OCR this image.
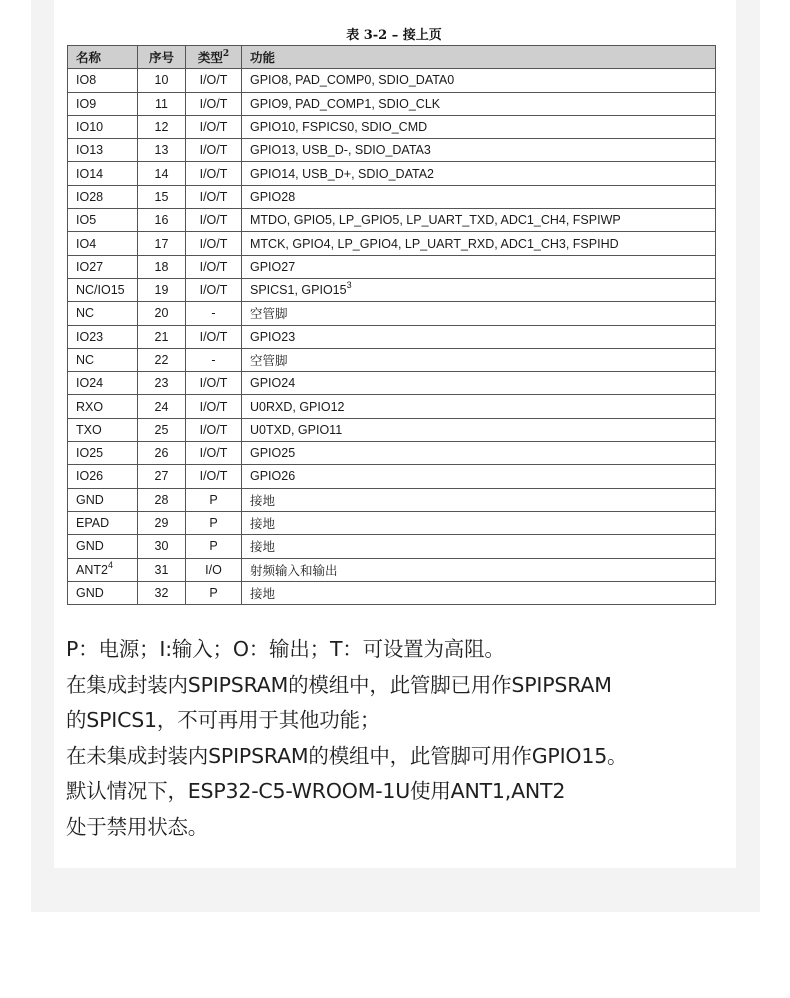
表 3-2 – 接上页
名称	序号	类型$^2$	功能
IO8	10	I/O/T	GPIO8, PAD_COMP0, SDIO_DATA0
IO9	11	I/O/T	GPIO9, PAD_COMP1, SDIO_CLK
IO10	12	I/O/T	GPIO10, FSPICS0, SDIO_CMD
IO13	13	I/O/T	GPIO13, USB_D-, SDIO_DATA3
IO14	14	I/O/T	GPIO14, USB_D+, SDIO_DATA2
IO28	15	I/O/T	GPIO28
IO5	16	I/O/T	MTDO, GPIO5, LP_GPIO5, LP_UART_TXD, ADC1_CH4, FSPIWP
IO4	17	I/O/T	MTCK, GPIO4, LP_GPIO4, LP_UART_RXD, ADC1_CH3, FSPIHD
IO27	18	I/O/T	GPIO27
NC/IO15	19	I/O/T	SPICS1, $GPIO15^3$
NC	20	-	空管脚
IO23	21	I/O/T	GPIO23
NC	22	-	空管脚
IO24	23	I/O/T	GPIO24
RXO	24	I/O/T	U0RXD, GPIO12
TXO	25	I/O/T	U0TXD, GPIO11
IO25	26	I/O/T	GPIO25
IO26	27	I/O/T	GPIO26
GND	28	P	接地
EPAD	29	P	接地
GND	30	P	接地
$ANT2^4$	31	I/O	射频输入和输出
GND	32	P	接地

P：电源；I:输入；O：输出；T：可设置为高阻。

在集成封装内SPIPSRAM的模组中，此管脚已用作SPIPSRAM

的SPICS1，不可再用于其他功能；

在未集成封装内SPIPSRAM的模组中，此管脚可用作GPIO15。

默认情况下，ESP32-C5-WROOM-1U使用ANT1,ANT2

处于禁用状态。
